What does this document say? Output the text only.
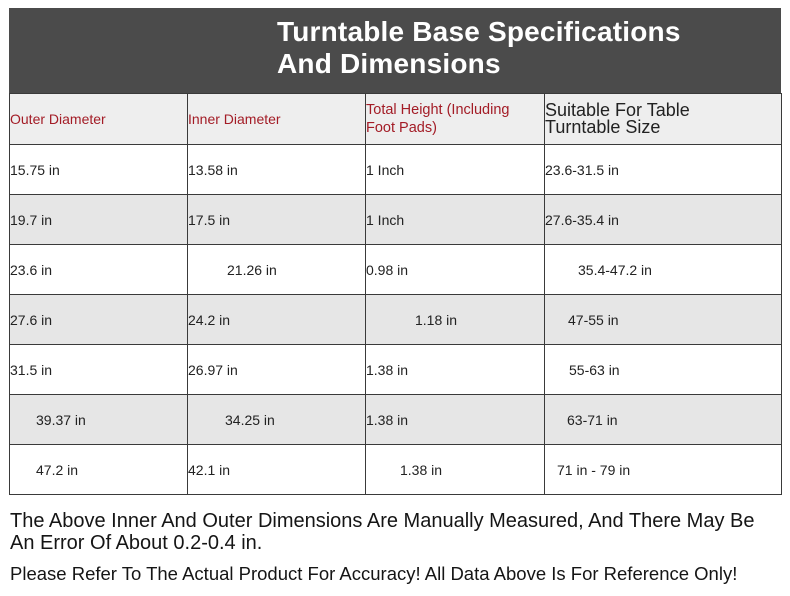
Turntable Base Specifications
And Dimensions
Outer Diameter	Inner Diameter	Total Height (Including Foot Pads)	Suitable For Table Turntable Size

15.75 in	13.58 in	1 Inch	23.6-31.5 in
19.7 in	17.5 in	1 Inch	27.6-35.4 in
23.6 in	21.26 in	0.98 in	35.4-47.2 in
27.6 in	24.2 in	1.18 in	47-55 in
31.5 in	26.97 in	1.38 in	55-63 in
39.37 in	34.25 in	1.38 in	63-71 in
47.2 in	42.1 in	1.38 in	71 in - 79 in
The Above Inner And Outer Dimensions Are Manually Measured, And There May Be An Error Of About 0.2-0.4 in.
Please Refer To The Actual Product For Accuracy! All Data Above Is For Reference Only!
